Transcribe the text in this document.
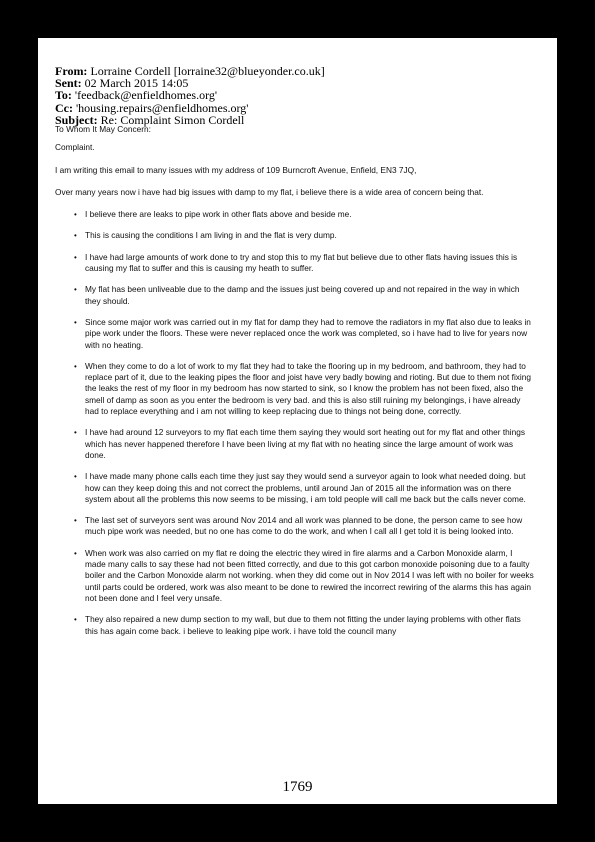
From: Lorraine Cordell [lorraine32@blueyonder.co.uk]
Sent: 02 March 2015 14:05
To: 'feedback@enfieldhomes.org'
Cc: 'housing.repairs@enfieldhomes.org'
Subject: Re: Complaint Simon Cordell

To Whom It May Concern:

Complaint.

I am writing this email to many issues with my address of 109 Burncroft Avenue, Enfield, EN3 7JQ,

Over many years now i have had big issues with damp to my flat, i believe there is a wide area of concern being that.

• I believe there are leaks to pipe work in other flats above and beside me.
• This is causing the conditions I am living in and the flat is very dump.
• I have had large amounts of work done to try and stop this to my flat but believe due to other flats having issues this is causing my flat to suffer and this is causing my heath to suffer.
• My flat has been unliveable due to the damp and the issues just being covered up and not repaired in the way in which they should.
• Since some major work was carried out in my flat for damp they had to remove the radiators in my flat also due to leaks in pipe work under the floors. These were never replaced once the work was completed, so i have had to live for years now with no heating.
• When they come to do a lot of work to my flat they had to take the flooring up in my bedroom, and bathroom, they had to replace part of it, due to the leaking pipes the floor and joist have very badly bowing and rioting. But due to them not fixing the leaks the rest of my floor in my bedroom has now started to sink, so I know the problem has not been fixed, also the smell of damp as soon as you enter the bedroom is very bad. and this is also still ruining my belongings, i have already had to replace everything and i am not willing to keep replacing due to things not being done, correctly.
• I have had around 12 surveyors to my flat each time them saying they would sort heating out for my flat and other things which has never happened therefore I have been living at my flat with no heating since the large amount of work was done.
• I have made many phone calls each time they just say they would send a surveyor again to look what needed doing. but how can they keep doing this and not correct the problems, until around Jan of 2015 all the information was on there system about all the problems this now seems to be missing, i am told people will call me back but the calls never come.
• The last set of surveyors sent was around Nov 2014 and all work was planned to be done, the person came to see how much pipe work was needed, but no one has come to do the work, and when I call all I get told it is being looked into.
• When work was also carried on my flat re doing the electric they wired in fire alarms and a Carbon Monoxide alarm, I made many calls to say these had not been fitted correctly, and due to this got carbon monoxide poisoning due to a faulty boiler and the Carbon Monoxide alarm not working. when they did come out in Nov 2014 I was left with no boiler for weeks until parts could be ordered, work was also meant to be done to rewired the incorrect rewiring of the alarms this has again not been done and I feel very unsafe.
• They also repaired a new dump section to my wall, but due to them not fitting the under laying problems with other flats this has again come back. i believe to leaking pipe work. i have told the council many
1769
